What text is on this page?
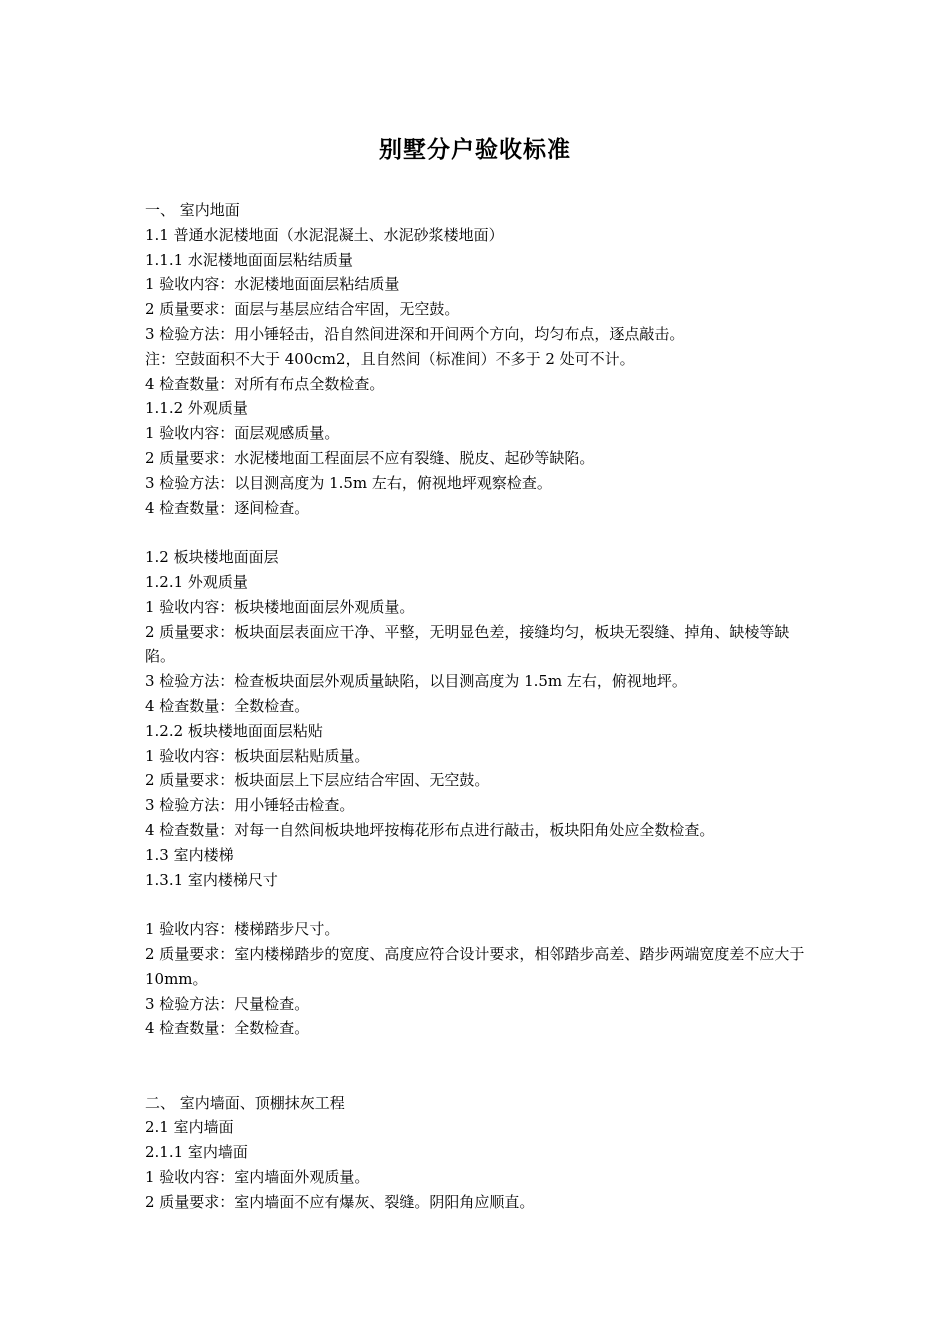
别墅分户验收标准

一、 室内地面

1.1 普通水泥楼地面（水泥混凝土、水泥砂浆楼地面）

1.1.1 水泥楼地面面层粘结质量

1 验收内容：水泥楼地面面层粘结质量

2 质量要求：面层与基层应结合牢固，无空鼓。

3 检验方法：用小锤轻击，沿自然间进深和开间两个方向，均匀布点，逐点敲击。

注：空鼓面积不大于 400cm2，且自然间（标准间）不多于 2 处可不计。

4 检查数量：对所有布点全数检查。

1.1.2 外观质量

1 验收内容：面层观感质量。

2 质量要求：水泥楼地面工程面层不应有裂缝、脱皮、起砂等缺陷。

3 检验方法：以目测高度为 1.5m 左右，俯视地坪观察检查。

4 检查数量：逐间检查。

1.2 板块楼地面面层

1.2.1 外观质量

1 验收内容：板块楼地面面层外观质量。

2 质量要求：板块面层表面应干净、平整，无明显色差，接缝均匀，板块无裂缝、掉角、缺棱等缺陷。

3 检验方法：检查板块面层外观质量缺陷，以目测高度为 1.5m 左右，俯视地坪。

4 检查数量：全数检查。

1.2.2 板块楼地面面层粘贴

1 验收内容：板块面层粘贴质量。

2 质量要求：板块面层上下层应结合牢固、无空鼓。

3 检验方法：用小锤轻击检查。

4 检查数量：对每一自然间板块地坪按梅花形布点进行敲击，板块阳角处应全数检查。

1.3 室内楼梯

1.3.1 室内楼梯尺寸

1 验收内容：楼梯踏步尺寸。

2 质量要求：室内楼梯踏步的宽度、高度应符合设计要求，相邻踏步高差、踏步两端宽度差不应大于 10mm。

3 检验方法：尺量检查。

4 检查数量：全数检查。

二、 室内墙面、顶棚抹灰工程

2.1 室内墙面

2.1.1 室内墙面

1 验收内容：室内墙面外观质量。

2 质量要求：室内墙面不应有爆灰、裂缝。阴阳角应顺直。
